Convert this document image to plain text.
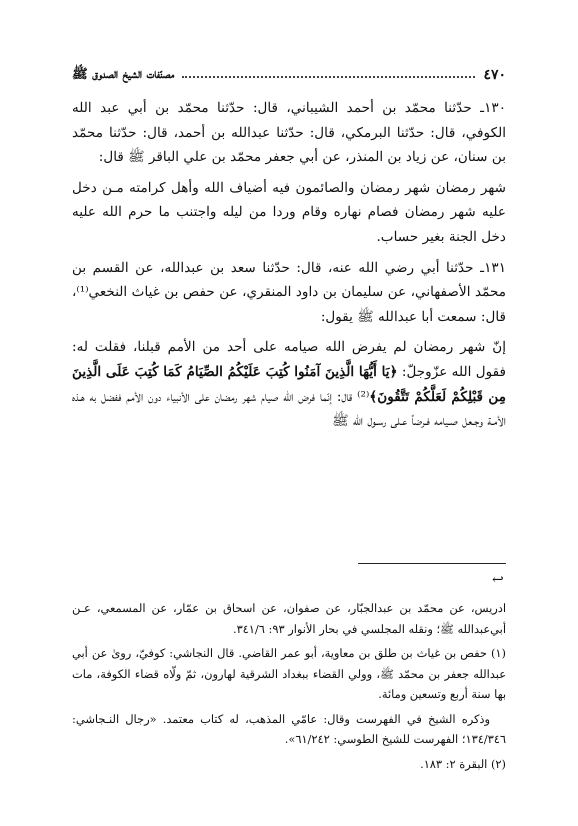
٤٧٠
مصنّفات الشيخ الصدوق ﷺ

١٣٠ـ حدّثنا محمّد بن أحمد الشيباني، قال: حدّثنا محمّد بن أبي عبد الله الكوفي، قال: حدّثنا البرمكي، قال: حدّثنا عبدالله بن أحمد، قال: حدّثنا محمّد بن سنان، عن زياد بن المنذر، عن أبي جعفر محمّد بن علي الباقر ﷺ قال:

شهر رمضان شهر رمضان والصائمون فيه أضياف الله وأهل كرامته مـن دخل عليه شهر رمضان فصام نهاره وقام وردا من ليله واجتنب ما حرم الله عليه دخل الجنة بغير حساب.

١٣١ـ حدّثنا أبي رضي الله عنه، قال: حدّثنا سعد بن عبدالله، عن القسم بن محمّد الأصفهاني، عن سليمان بن داود المنقري، عن حفص بن غياث النخعي⁽¹⁾، قال: سمعت أبا عبدالله ﷺ يقول:

إنّ شهر رمضان لم يفرض الله صيامه على أحد من الأمم قبلنا، فقلت له: فقول الله عزّوجلّ: ﴿يَا أَيُّهَا الَّذِينَ آمَنُوا كُتِبَ عَلَيْكُمُ الصِّيَامُ كَمَا كُتِبَ عَلَى الَّذِينَ مِن قَبْلِكُمْ لَعَلَّكُمْ تَتَّقُونَ﴾⁽²⁾ قال: إنّما فرض الله صيام شهر رمضان على الأنبياء دون الأمم ففضل به هـذه الأمـة وجـعل صـيامه فـرضاً عـلى رسـول الله ﷺ

↩

ادريس، عن محمّد بن عبدالجبّار، عن صفوان، عن اسحاق بن عمّار، عن المسمعي، عـن أبي‌عبدالله ﷺ؛ ونقله المجلسي في بحار الأنوار ٩٣: ٣٤١/٦.

(١) حفص بن غياث بن طلق بن معاوية، أبو عمر القاضي. قال النجاشي: كوفيّ، روىٰ عن أبي عبدالله جعفر بن محمّد ﷺ، وولي القضاء ببغداد الشرقية لهارون، ثمّ ولّاه قضاء الكوفة، مات بها سنة أربع وتسعين ومائة.

وذكره الشيخ في الفهرست وقال: عامّي المذهب، له كتاب معتمد. «رجال النـجاشي: ١٣٤/٣٤٦؛ الفهرست للشيخ الطوسي: ٦١/٢٤٢».

(٢) البقرة ٢: ١٨٣.
